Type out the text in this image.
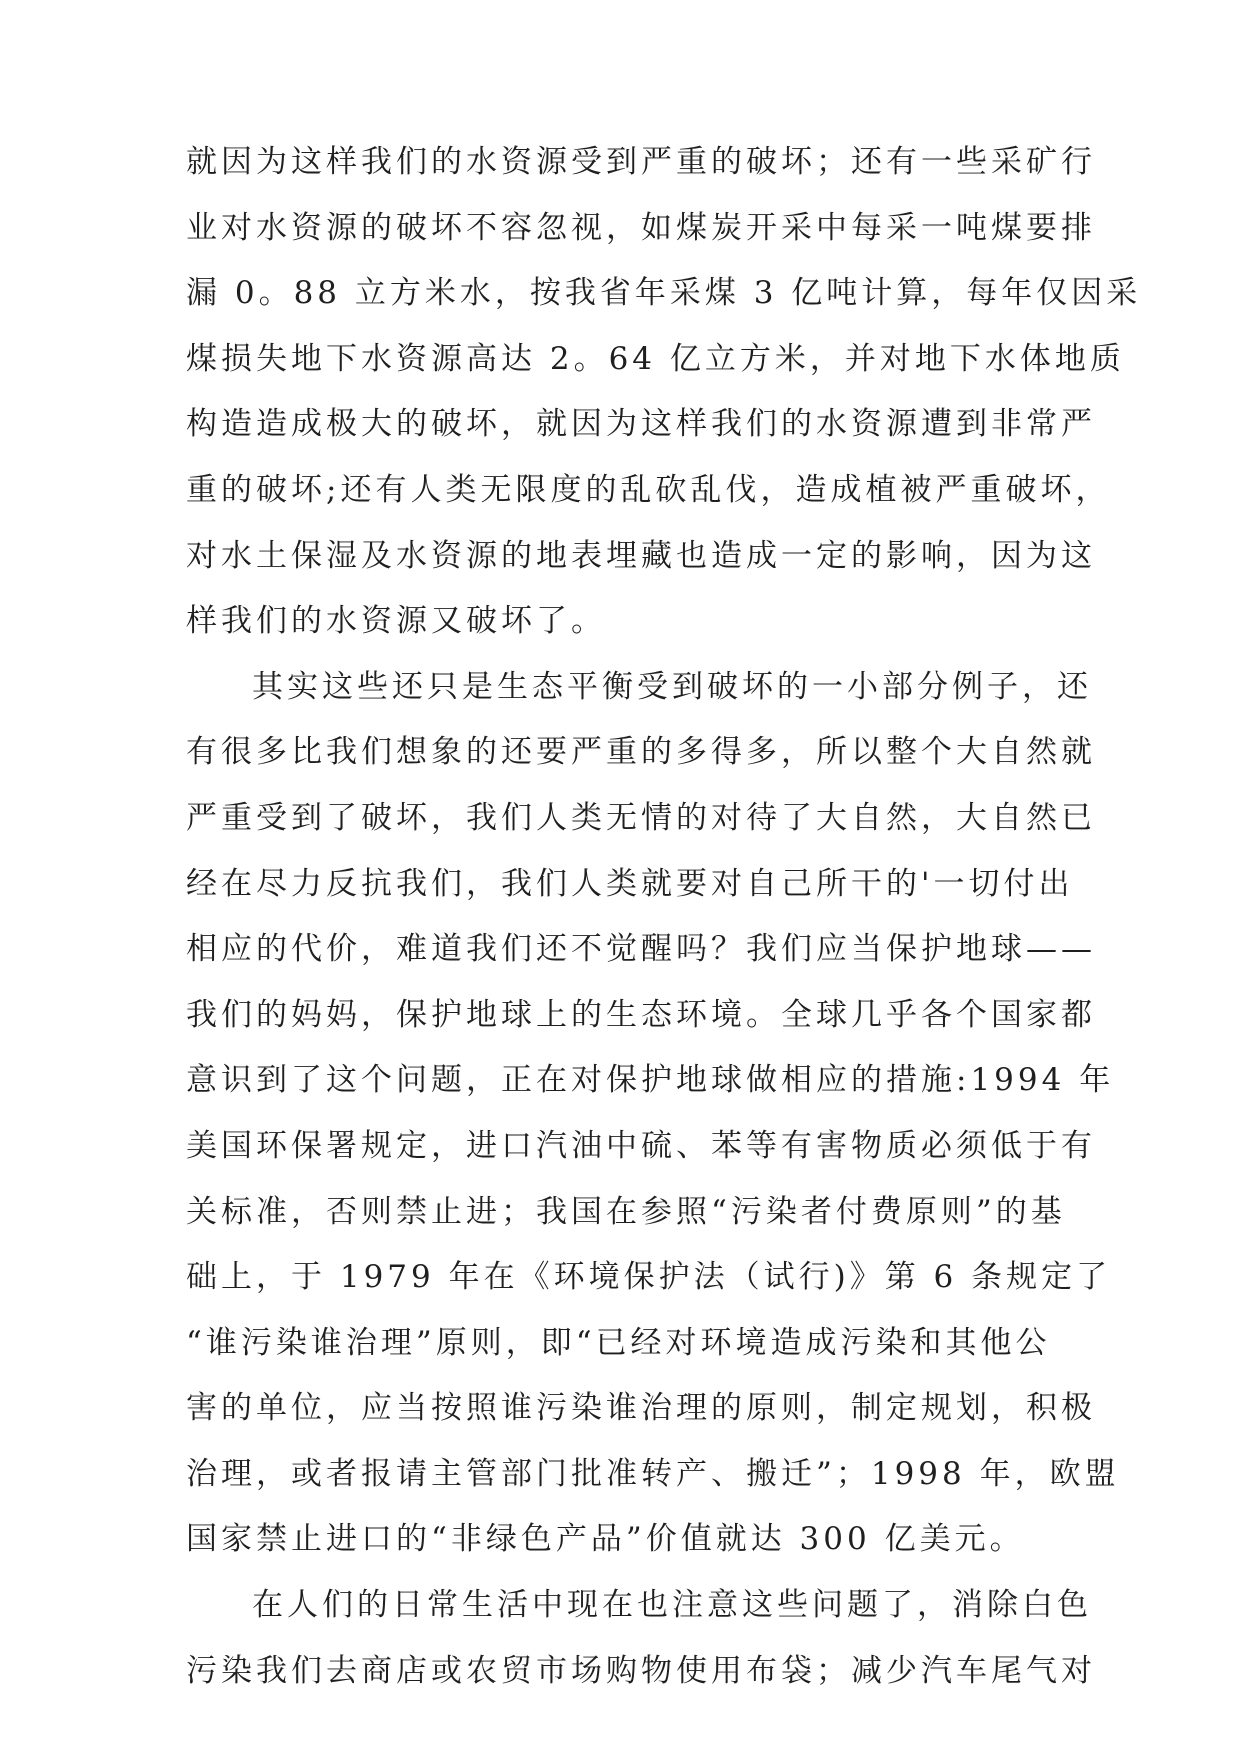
就因为这样我们的水资源受到严重的破坏；还有一些采矿行
业对水资源的破坏不容忽视，如煤炭开采中每采一吨煤要排
漏 0。88 立方米水，按我省年采煤 3 亿吨计算，每年仅因采
煤损失地下水资源高达 2。64 亿立方米，并对地下水体地质
构造造成极大的破坏，就因为这样我们的水资源遭到非常严
重的破坏;还有人类无限度的乱砍乱伐，造成植被严重破坏，
对水土保湿及水资源的地表埋藏也造成一定的影响，因为这
样我们的水资源又破坏了。
其实这些还只是生态平衡受到破坏的一小部分例子，还
有很多比我们想象的还要严重的多得多，所以整个大自然就
严重受到了破坏，我们人类无情的对待了大自然，大自然已
经在尽力反抗我们，我们人类就要对自己所干的'一切付出
相应的代价，难道我们还不觉醒吗？我们应当保护地球——
我们的妈妈，保护地球上的生态环境。全球几乎各个国家都
意识到了这个问题，正在对保护地球做相应的措施:1994 年
美国环保署规定，进口汽油中硫、苯等有害物质必须低于有
关标准，否则禁止进；我国在参照“污染者付费原则”的基
础上，于 1979 年在《环境保护法（试行)》第 6 条规定了
“谁污染谁治理”原则，即“已经对环境造成污染和其他公
害的单位，应当按照谁污染谁治理的原则，制定规划，积极
治理，或者报请主管部门批准转产、搬迁”；1998 年，欧盟
国家禁止进口的“非绿色产品”价值就达 300 亿美元。
在人们的日常生活中现在也注意这些问题了，消除白色
污染我们去商店或农贸市场购物使用布袋；减少汽车尾气对
